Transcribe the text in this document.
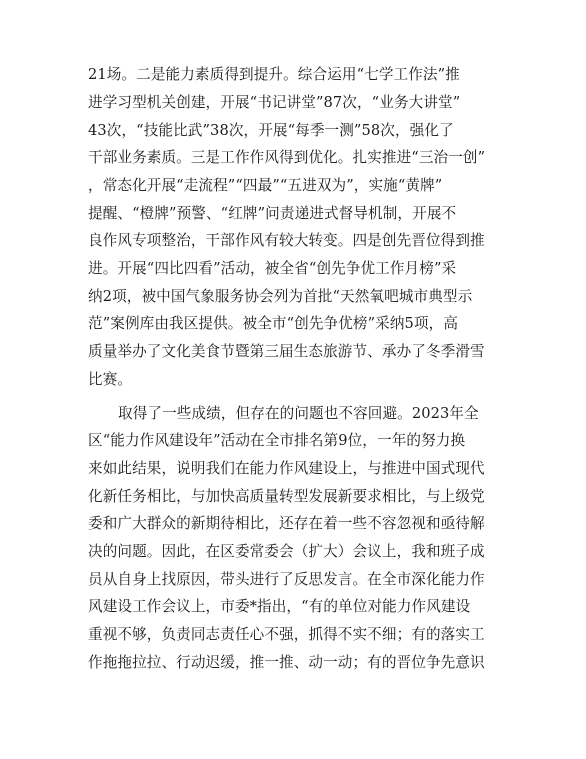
21场。二是能力素质得到提升。综合运用“七学工作法”推
进学习型机关创建，开展“书记讲堂”87次，“业务大讲堂”
43次，“技能比武”38次，开展“每季一测”58次，强化了
干部业务素质。三是工作作风得到优化。扎实推进“三治一创”
，常态化开展“走流程”“四最”“五进双为”，实施“黄牌”
提醒、“橙牌”预警、“红牌”问责递进式督导机制，开展不
良作风专项整治，干部作风有较大转变。四是创先晋位得到推
进。开展“四比四看”活动，被全省“创先争优工作月榜”采
纳2项，被中国气象服务协会列为首批“天然氧吧城市典型示
范”案例库由我区提供。被全市“创先争优榜”采纳5项，高
质量举办了文化美食节暨第三届生态旅游节、承办了冬季滑雪
比赛。
取得了一些成绩，但存在的问题也不容回避。2023年全
区“能力作风建设年”活动在全市排名第9位，一年的努力换
来如此结果，说明我们在能力作风建设上，与推进中国式现代
化新任务相比，与加快高质量转型发展新要求相比，与上级党
委和广大群众的新期待相比，还存在着一些不容忽视和亟待解
决的问题。因此，在区委常委会（扩大）会议上，我和班子成
员从自身上找原因，带头进行了反思发言。在全市深化能力作
风建设工作会议上，市委*指出，“有的单位对能力作风建设
重视不够，负责同志责任心不强，抓得不实不细；有的落实工
作拖拖拉拉、行动迟缓，推一推、动一动；有的晋位争先意识
